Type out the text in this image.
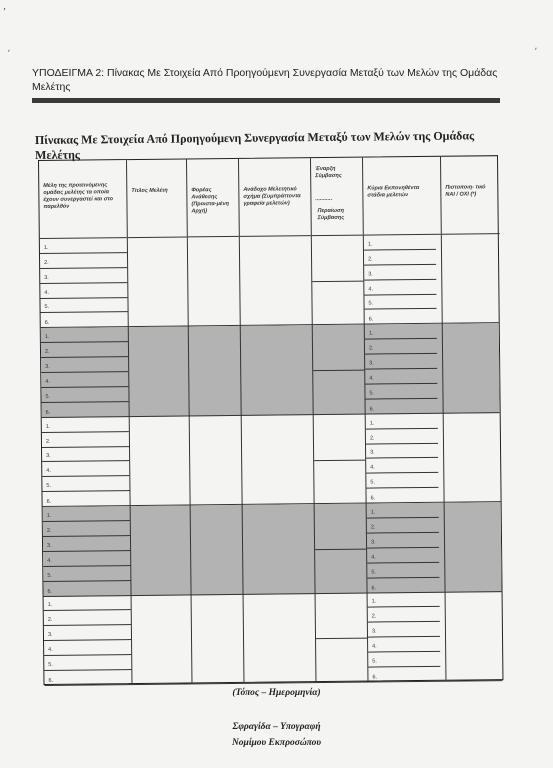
‚
ʹ	ʹ
ΥΠΟΔΕΙΓΜΑ 2: Πίνακας Με Στοιχεία Από Προηγούμενη Συνεργασία Μεταξύ των Μελών της Ομάδας Μελέτης
Πίνακας Με Στοιχεία Από Προηγούμενη Συνεργασία Μεταξύ των Μελών της Ομάδας Μελέτης
Μέλη της προτεινόμενης ομάδας μελέτης τα οποία έχουν συνεργαστεί και στο παρελθόν
1.
2.
3.
4.
5.
6.
1.
2.
3.
4.
5.
6.
1.
2.
3.
4.
5.
6.
1.
2.
3.
4.
5.
6.
1.
2.
3.
4.
5.
6.
Τίτλος Μελέτη	Φορέας Ανάθεσης (Προιστα-μένη Αρχή)
Ανάδοχο Μελετητικό σχήμα (Συμπράττοντα γραφεία μελετών)
...........
Περαίωση Σύμβασης
Έναρξη Σύμβασης
Κύρια Εκπονηθέντα στάδια μελετών
1.
2.
3.
4.
5.
6.
1.
2.
3.
4.
5.
6.
1.
2.
3.
4.
5.
6.
1.
2.
3.
4.
5.
6.
1.
2.
3.
4.
5.
6.
Πιστοποιη- τικό ΝΑΙ / ΟΧΙ (*)
(Τόπος – Ημερομηνία)
Σφραγίδα – Υπογραφή
Νομίμου Εκπροσώπου
